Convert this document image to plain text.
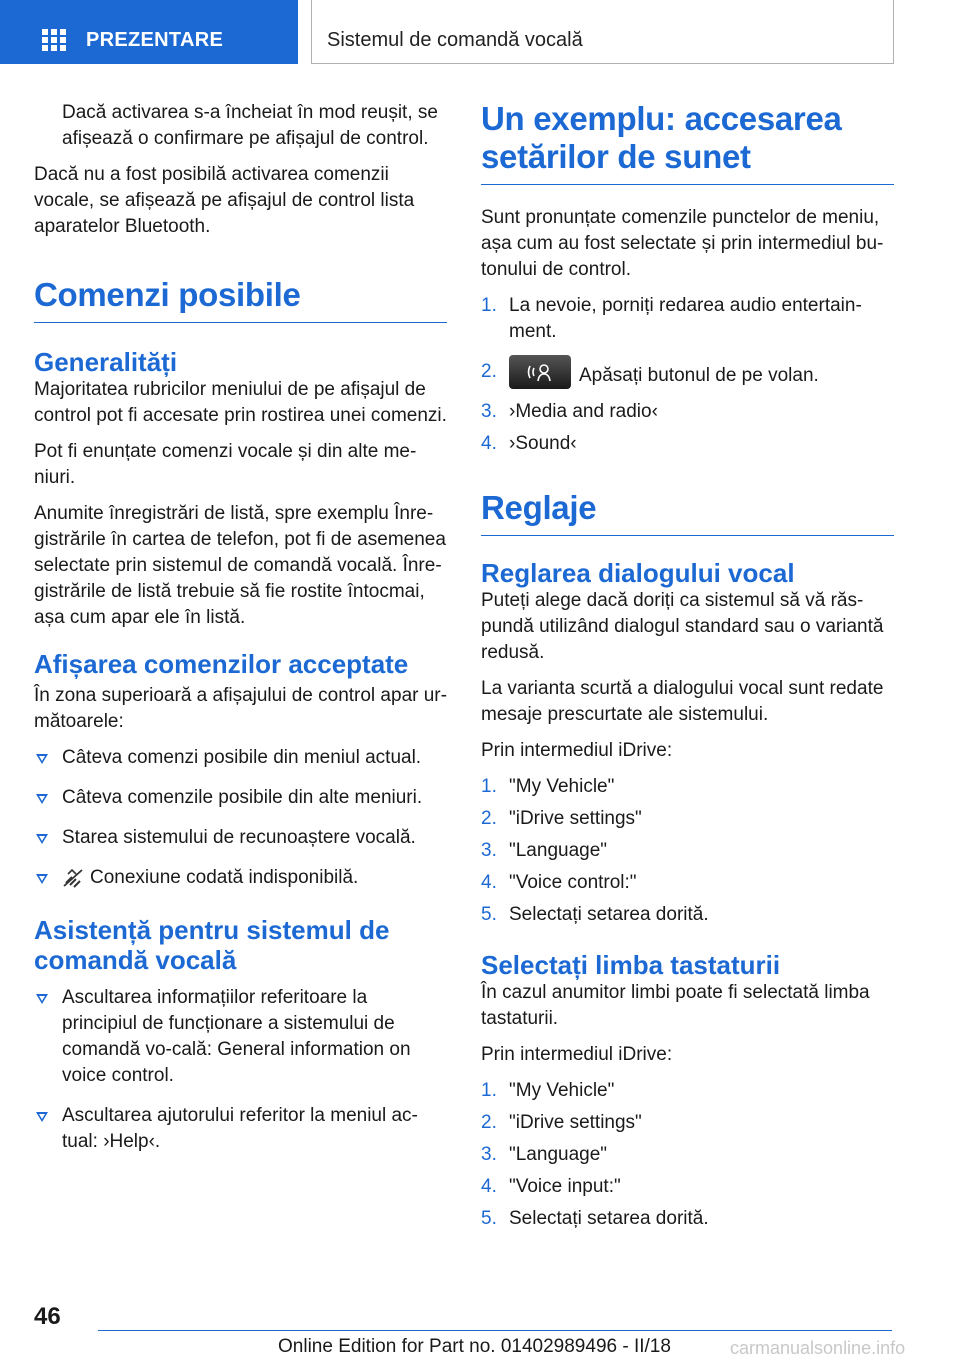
PREZENTARE	Sistemul de comandă vocală

Dacă activarea s-a încheiat în mod reușit, se afișează o confirmare pe afișajul de control.

Dacă nu a fost posibilă activarea comenzii vocale, se afișează pe afișajul de control lista aparatelor Bluetooth.

Comenzi posibile
Generalități

Majoritatea rubricilor meniului de pe afișajul de control pot fi accesate prin rostirea unei comenzi.

Pot fi enunțate comenzi vocale și din alte me-niuri.

Anumite înregistrări de listă, spre exemplu Înre-gistrările în cartea de telefon, pot fi de asemenea selectate prin sistemul de comandă vocală. Înre-gistrările de listă trebuie să fie rostite întocmai, așa cum apar ele în listă.

Afișarea comenzilor acceptate

În zona superioară a afișajului de control apar ur-mătoarele:

Câteva comenzi posibile din meniul actual.
Câteva comenzile posibile din alte meniuri.
Starea sistemului de recunoaștere vocală.
Conexiune codată indisponibilă.
Asistență pentru sistemul de comandă vocală
Ascultarea informațiilor referitoare la principiul de funcționare a sistemului de comandă vo-cală: General information on voice control.
Ascultarea ajutorului referitor la meniul ac-tual: ›Help‹.
Un exemplu: accesarea setărilor de sunet

Sunt pronunțate comenzile punctelor de meniu, așa cum au fost selectate și prin intermediul bu-tonului de control.

1. La nevoie, porniți redarea audio entertain-ment.
2.	Apăsați butonul de pe volan.
3. ›Media and radio‹
4. ›Sound‹
Reglaje
Reglarea dialogului vocal

Puteți alege dacă doriți ca sistemul să vă răs-pundă utilizând dialogul standard sau o variantă redusă.

La varianta scurtă a dialogului vocal sunt redate mesaje prescurtate ale sistemului.

Prin intermediul iDrive:

1. "My Vehicle"
2. "iDrive settings"
3. "Language"
4. "Voice control:"
5. Selectați setarea dorită.
Selectați limba tastaturii

În cazul anumitor limbi poate fi selectată limba tastaturii.

Prin intermediul iDrive:

1. "My Vehicle"
2. "iDrive settings"
3. "Language"
4. "Voice input:"
5. Selectați setarea dorită.
46
Online Edition for Part no. 01402989496 - II/18	carmanualsonline.info
